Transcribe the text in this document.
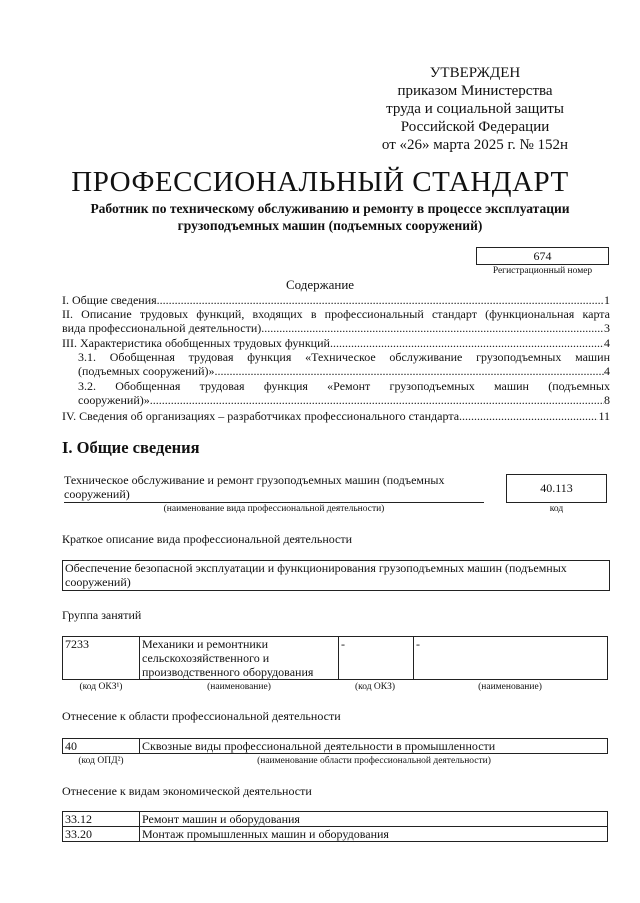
УТВЕРЖДЕН
приказом Министерства
труда и социальной защиты
Российской Федерации
от «26» марта 2025 г. № 152н
ПРОФЕССИОНАЛЬНЫЙ СТАНДАРТ
Работник по техническому обслуживанию и ремонту в процессе эксплуатации грузоподъемных машин (подъемных сооружений)
674
Регистрационный номер
Содержание
I. Общие сведения .....	1
II. Описание трудовых функций, входящих в профессиональный стандарт (функциональная карта
вида профессиональной деятельности) .....	3
III. Характеристика обобщенных трудовых функций .....	4
3.1. Обобщенная трудовая функция «Техническое обслуживание грузоподъемных машин
(подъемных сооружений)» .....	4
3.2. Обобщенная трудовая функция «Ремонт грузоподъемных машин (подъемных
сооружений)» .....	8
IV. Сведения об организациях – разработчиках профессионального стандарта .....	11
I. Общие сведения
Техническое обслуживание и ремонт грузоподъемных машин (подъемных сооружений)
(наименование вида профессиональной деятельности)
40.113
код
Краткое описание вида профессиональной деятельности
Обеспечение безопасной эксплуатации и функционирования грузоподъемных машин (подъемных сооружений)
Группа занятий
7233	Механики и ремонтники сельскохозяйственного и производственного оборудования	-	-
(код ОКЗ¹)	(наименование)	(код ОКЗ)	(наименование)
Отнесение к области профессиональной деятельности
40	Сквозные виды профессиональной деятельности в промышленности
(код ОПД²)	(наименование области профессиональной деятельности)
Отнесение к видам экономической деятельности
33.12	Ремонт машин и оборудования
33.20	Монтаж промышленных машин и оборудования
